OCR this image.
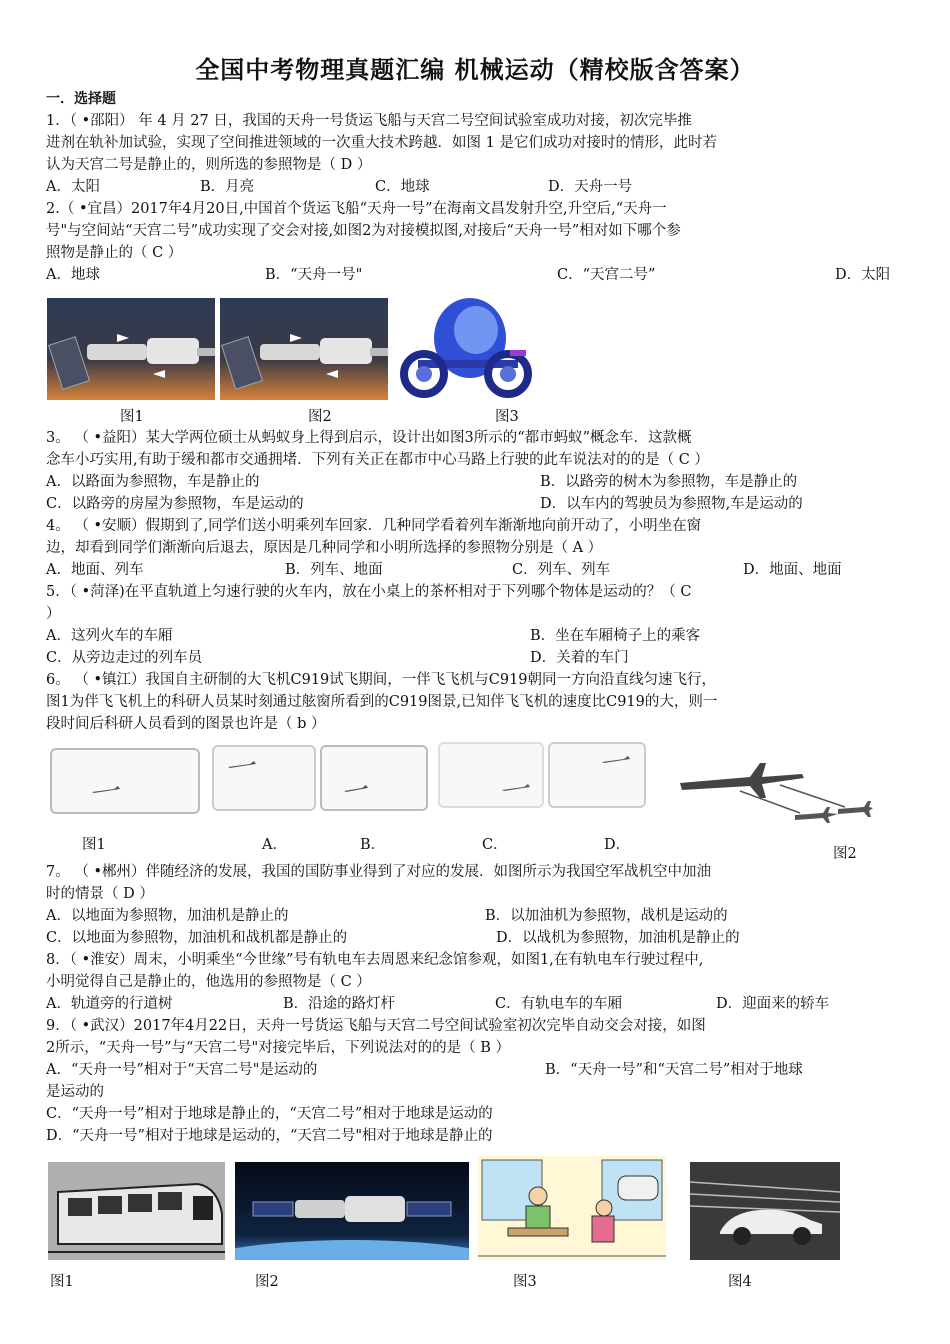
全国中考物理真题汇编 机械运动（精校版含答案）
一．选择题
1．（ •邵阳） 年 4 月 27 日，我国的天舟一号货运飞船与天宫二号空间试验室成功对接，初次完毕推
进剂在轨补加试验，实现了空间推进领域的一次重大技术跨越．如图 1 是它们成功对接时的情形，此时若
认为天宫二号是静止的，则所选的参照物是（ D ）
A．太阳	B．月亮	C．地球	D．天舟一号
2.（ •宜昌）2017年4月20日,中国首个货运飞船“天舟一号”在海南文昌发射升空,升空后,“天舟一
号"与空间站“天宫二号”成功实现了交会对接,如图2为对接模拟图,对接后“天舟一号”相对如下哪个参
照物是静止的（ C ）
A．地球	B．“天舟一号"	C．“天宫二号”	D．太阳
图1	图2	图3
3。 （ •益阳）某大学两位硕士从蚂蚁身上得到启示，设计出如图3所示的“都市蚂蚁”概念车．这款概
念车小巧实用,有助于缓和都市交通拥堵．下列有关正在都市中心马路上行驶的此车说法对的的是（ C ）
A．以路面为参照物，车是静止的	B．以路旁的树木为参照物，车是静止的
C．以路旁的房屋为参照物，车是运动的	D．以车内的驾驶员为参照物,车是运动的
4。 （ •安顺）假期到了,同学们送小明乘列车回家．几种同学看着列车渐渐地向前开动了，小明坐在窗
边，却看到同学们渐渐向后退去，原因是几种同学和小明所选择的参照物分别是（ A ）
A．地面、列车	B．列车、地面	C．列车、列车	D．地面、地面
5．（ •菏泽)在平直轨道上匀速行驶的火车内，放在小桌上的茶杯相对于下列哪个物体是运动的？（ C
）
A．这列火车的车厢	B．坐在车厢椅子上的乘客
C．从旁边走过的列车员	D．关着的车门
6。 （ •镇江）我国自主研制的大飞机C919试飞期间，一伴飞飞机与C919朝同一方向沿直线匀速飞行，
图1为伴飞飞机上的科研人员某时刻通过舷窗所看到的C919图景,已知伴飞飞机的速度比C919的大，则一
段时间后科研人员看到的图景也许是（ b ）
图1	A．	B．	C．	D．
图2
7。 （ •郴州）伴随经济的发展，我国的国防事业得到了对应的发展．如图所示为我国空军战机空中加油
时的情景（ D ）
A．以地面为参照物，加油机是静止的	B．以加油机为参照物，战机是运动的
C．以地面为参照物，加油机和战机都是静止的	D．以战机为参照物，加油机是静止的
8．（ •淮安）周末，小明乘坐“今世缘”号有轨电车去周恩来纪念馆参观，如图1,在有轨电车行驶过程中,
小明觉得自己是静止的，他选用的参照物是（ C ）
A．轨道旁的行道树	B．沿途的路灯杆	C．有轨电车的车厢	D．迎面来的轿车
9．（ •武汉）2017年4月22日，天舟一号货运飞船与天宫二号空间试验室初次完毕自动交会对接，如图
2所示，“天舟一号”与“天宫二号"对接完毕后，下列说法对的的是（ B ）
A．“天舟一号”相对于“天宫二号"是运动的	B．“天舟一号”和“天宫二号”相对于地球
是运动的
C．“天舟一号”相对于地球是静止的，“天宫二号”相对于地球是运动的
D．“天舟一号”相对于地球是运动的，“天宫二号"相对于地球是静止的
图1	图2	图3	图4
